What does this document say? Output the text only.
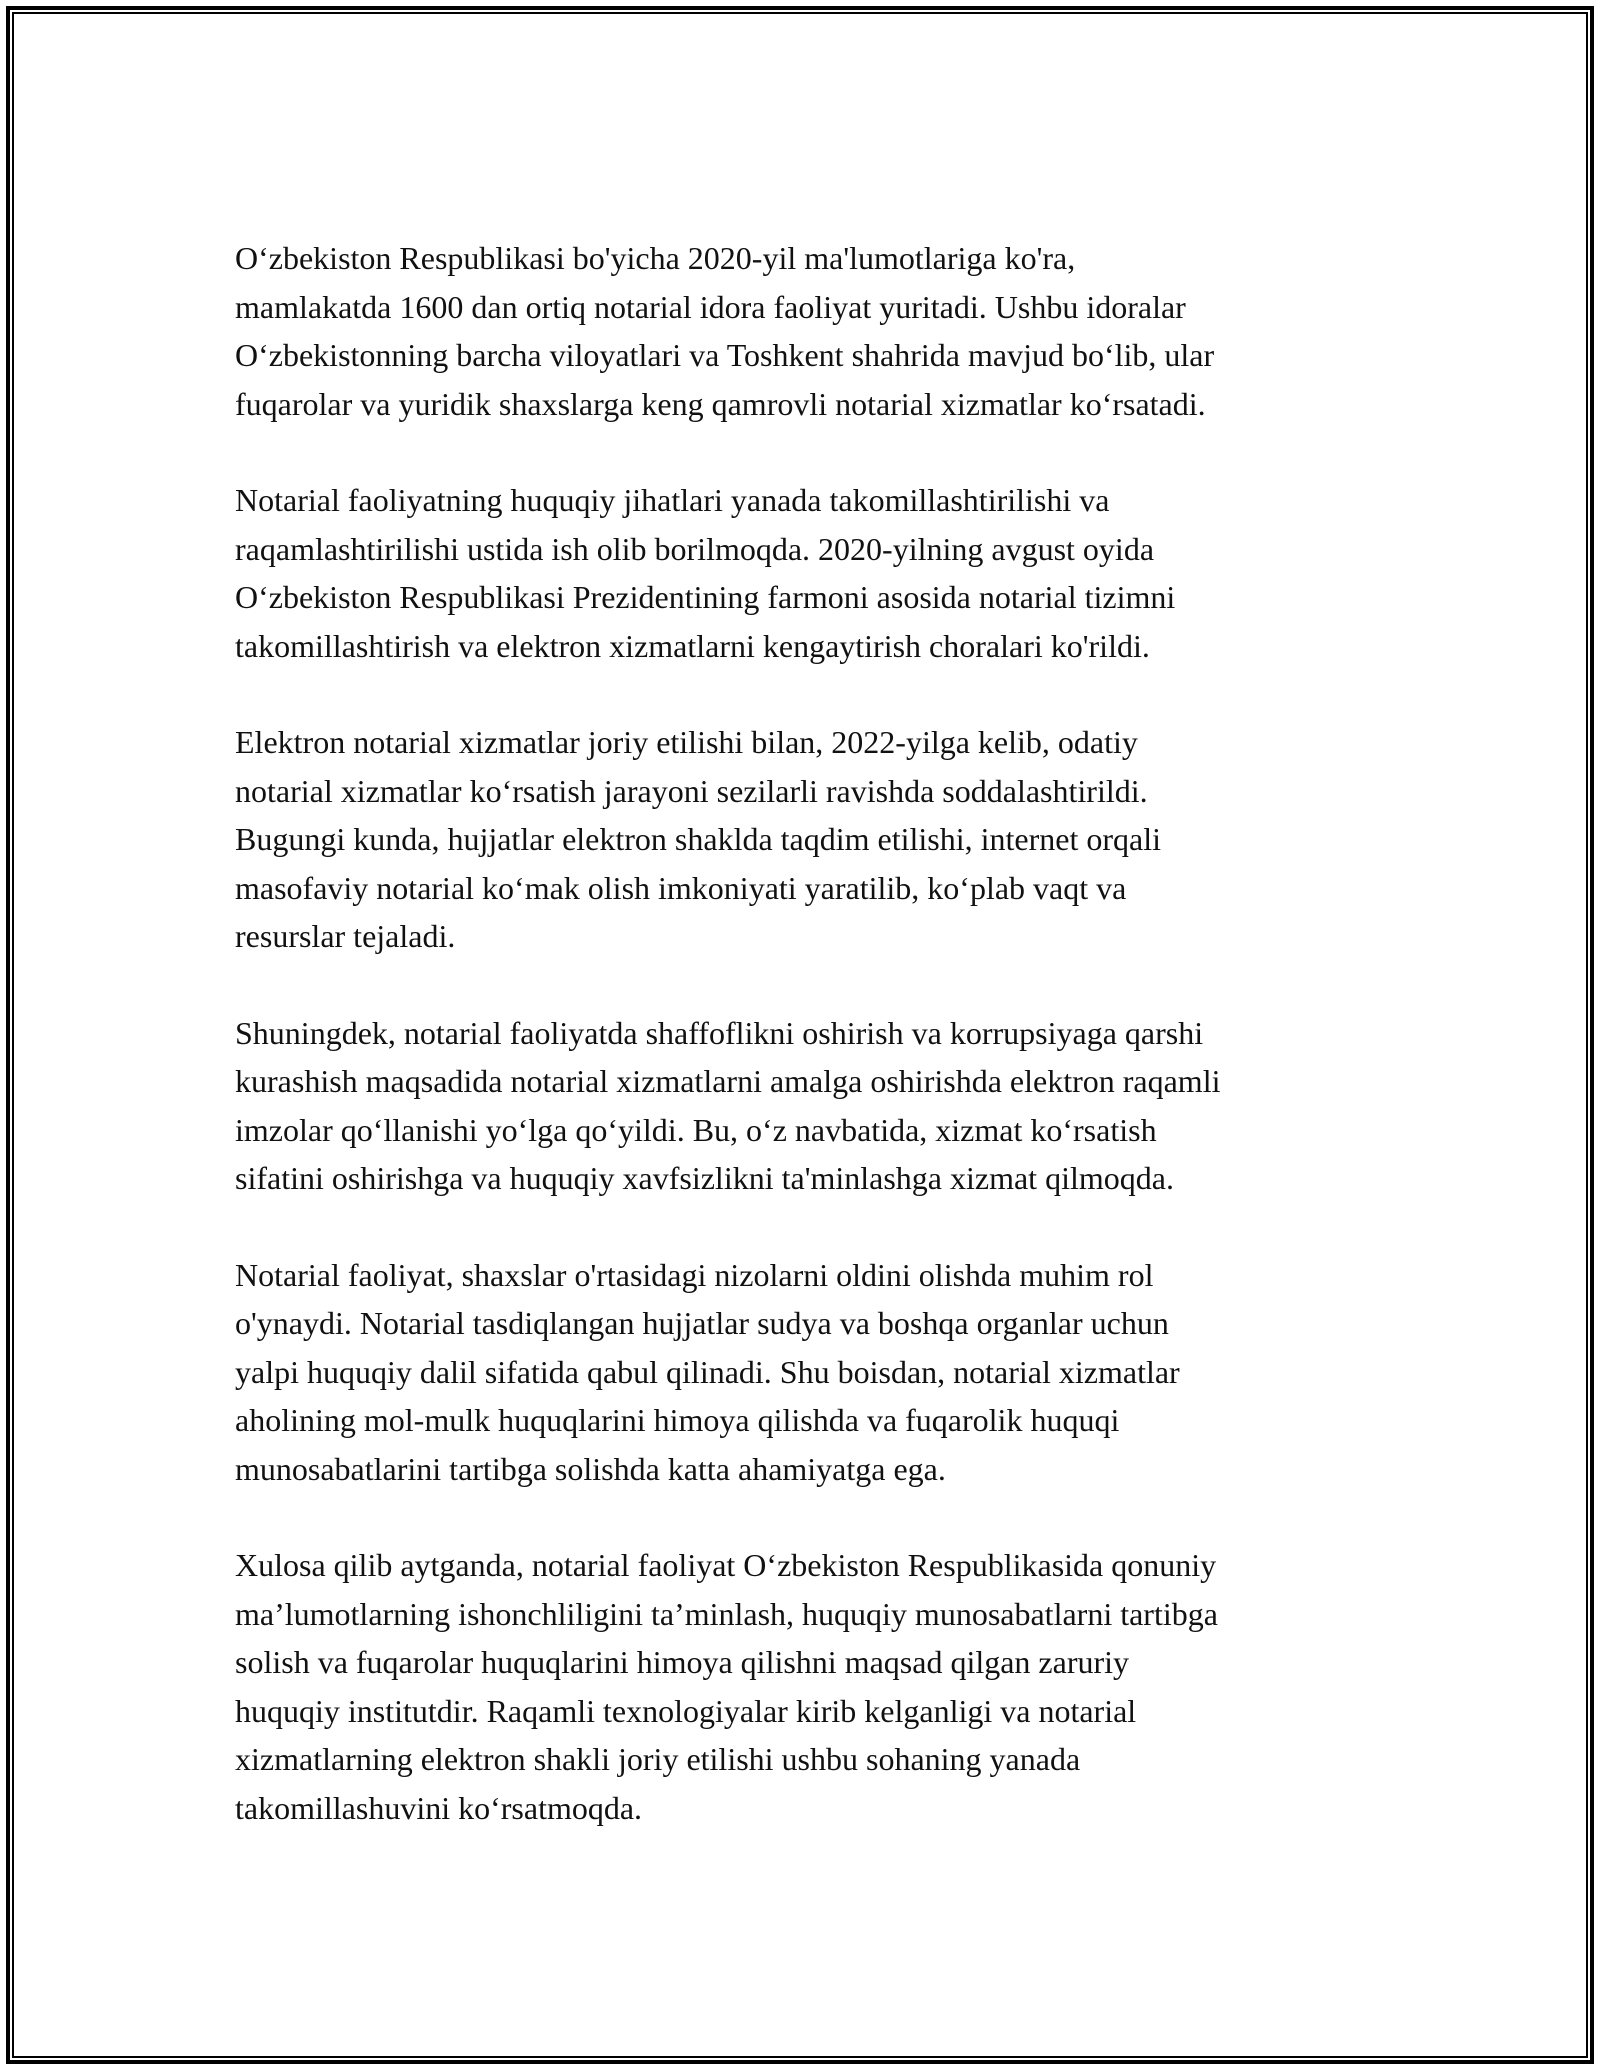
O‘zbekiston Respublikasi bo'yicha 2020-yil ma'lumotlariga ko'ra,
mamlakatda 1600 dan ortiq notarial idora faoliyat yuritadi. Ushbu idoralar
O‘zbekistonning barcha viloyatlari va Toshkent shahrida mavjud bo‘lib, ular
fuqarolar va yuridik shaxslarga keng qamrovli notarial xizmatlar ko‘rsatadi.

Notarial faoliyatning huquqiy jihatlari yanada takomillashtirilishi va
raqamlashtirilishi ustida ish olib borilmoqda. 2020-yilning avgust oyida
O‘zbekiston Respublikasi Prezidentining farmoni asosida notarial tizimni
takomillashtirish va elektron xizmatlarni kengaytirish choralari ko'rildi.

Elektron notarial xizmatlar joriy etilishi bilan, 2022-yilga kelib, odatiy
notarial xizmatlar ko‘rsatish jarayoni sezilarli ravishda soddalashtirildi.
Bugungi kunda, hujjatlar elektron shaklda taqdim etilishi, internet orqali
masofaviy notarial ko‘mak olish imkoniyati yaratilib, ko‘plab vaqt va
resurslar tejaladi.

Shuningdek, notarial faoliyatda shaffoflikni oshirish va korrupsiyaga qarshi
kurashish maqsadida notarial xizmatlarni amalga oshirishda elektron raqamli
imzolar qo‘llanishi yo‘lga qo‘yildi. Bu, o‘z navbatida, xizmat ko‘rsatish
sifatini oshirishga va huquqiy xavfsizlikni ta'minlashga xizmat qilmoqda.

Notarial faoliyat, shaxslar o'rtasidagi nizolarni oldini olishda muhim rol
o'ynaydi. Notarial tasdiqlangan hujjatlar sudya va boshqa organlar uchun
yalpi huquqiy dalil sifatida qabul qilinadi. Shu boisdan, notarial xizmatlar
aholining mol-mulk huquqlarini himoya qilishda va fuqarolik huquqi
munosabatlarini tartibga solishda katta ahamiyatga ega.

Xulosa qilib aytganda, notarial faoliyat O‘zbekiston Respublikasida qonuniy
ma’lumotlarning ishonchliligini ta’minlash, huquqiy munosabatlarni tartibga
solish va fuqarolar huquqlarini himoya qilishni maqsad qilgan zaruriy
huquqiy institutdir. Raqamli texnologiyalar kirib kelganligi va notarial
xizmatlarning elektron shakli joriy etilishi ushbu sohaning yanada
takomillashuvini ko‘rsatmoqda.
